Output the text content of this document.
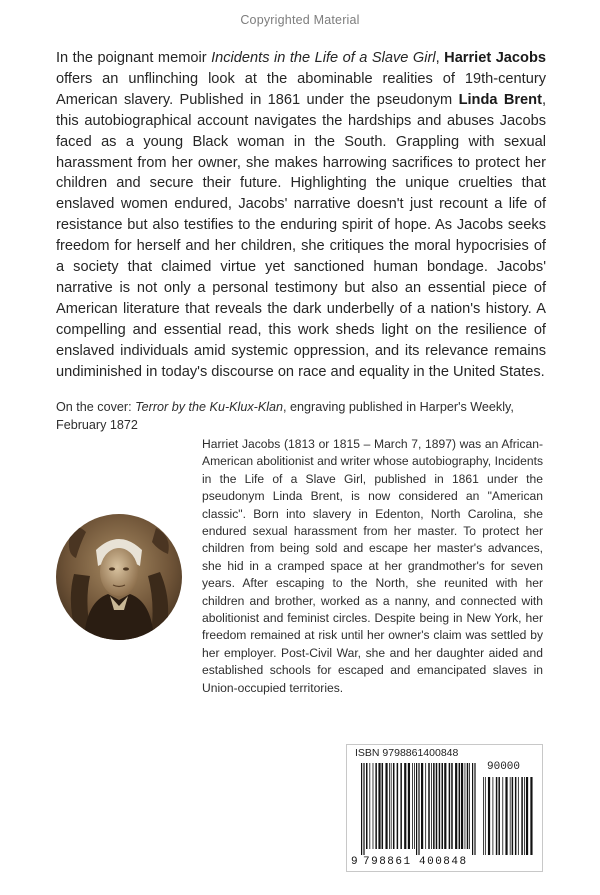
Copyrighted Material

In the poignant memoir Incidents in the Life of a Slave Girl, Harriet Jacobs offers an unflinching look at the abominable realities of 19th-century American slavery. Published in 1861 under the pseudonym Linda Brent, this autobiographical account navigates the hardships and abuses Jacobs faced as a young Black woman in the South. Grappling with sexual harassment from her owner, she makes harrowing sacrifices to protect her children and secure their future. Highlighting the unique cruelties that enslaved women endured, Jacobs' narrative doesn't just recount a life of resistance but also testifies to the enduring spirit of hope. As Jacobs seeks freedom for herself and her children, she critiques the moral hypocrisies of a society that claimed virtue yet sanctioned human bondage. Jacobs' narrative is not only a personal testimony but also an essential piece of American literature that reveals the dark underbelly of a nation's history. A compelling and essential read, this work sheds light on the resilience of enslaved individuals amid systemic oppression, and its relevance remains undiminished in today's discourse on race and equality in the United States.

On the cover: Terror by the Ku-Klux-Klan, engraving published in Harper's Weekly, February 1872

Harriet Jacobs (1813 or 1815 – March 7, 1897) was an African-American abolitionist and writer whose autobiography, Incidents in the Life of a Slave Girl, published in 1861 under the pseudonym Linda Brent, is now considered an "American classic". Born into slavery in Edenton, North Carolina, she endured sexual harassment from her master. To protect her children from being sold and escape her master's advances, she hid in a cramped space at her grandmother's for seven years. After escaping to the North, she reunited with her children and brother, worked as a nanny, and connected with abolitionist and feminist circles. Despite being in New York, her freedom remained at risk until her owner's claim was settled by her employer. Post-Civil War, she and her daughter aided and established schools for escaped and emancipated slaves in Union-occupied territories.

ISBN 9798861400848
90000
9 798861 400848
